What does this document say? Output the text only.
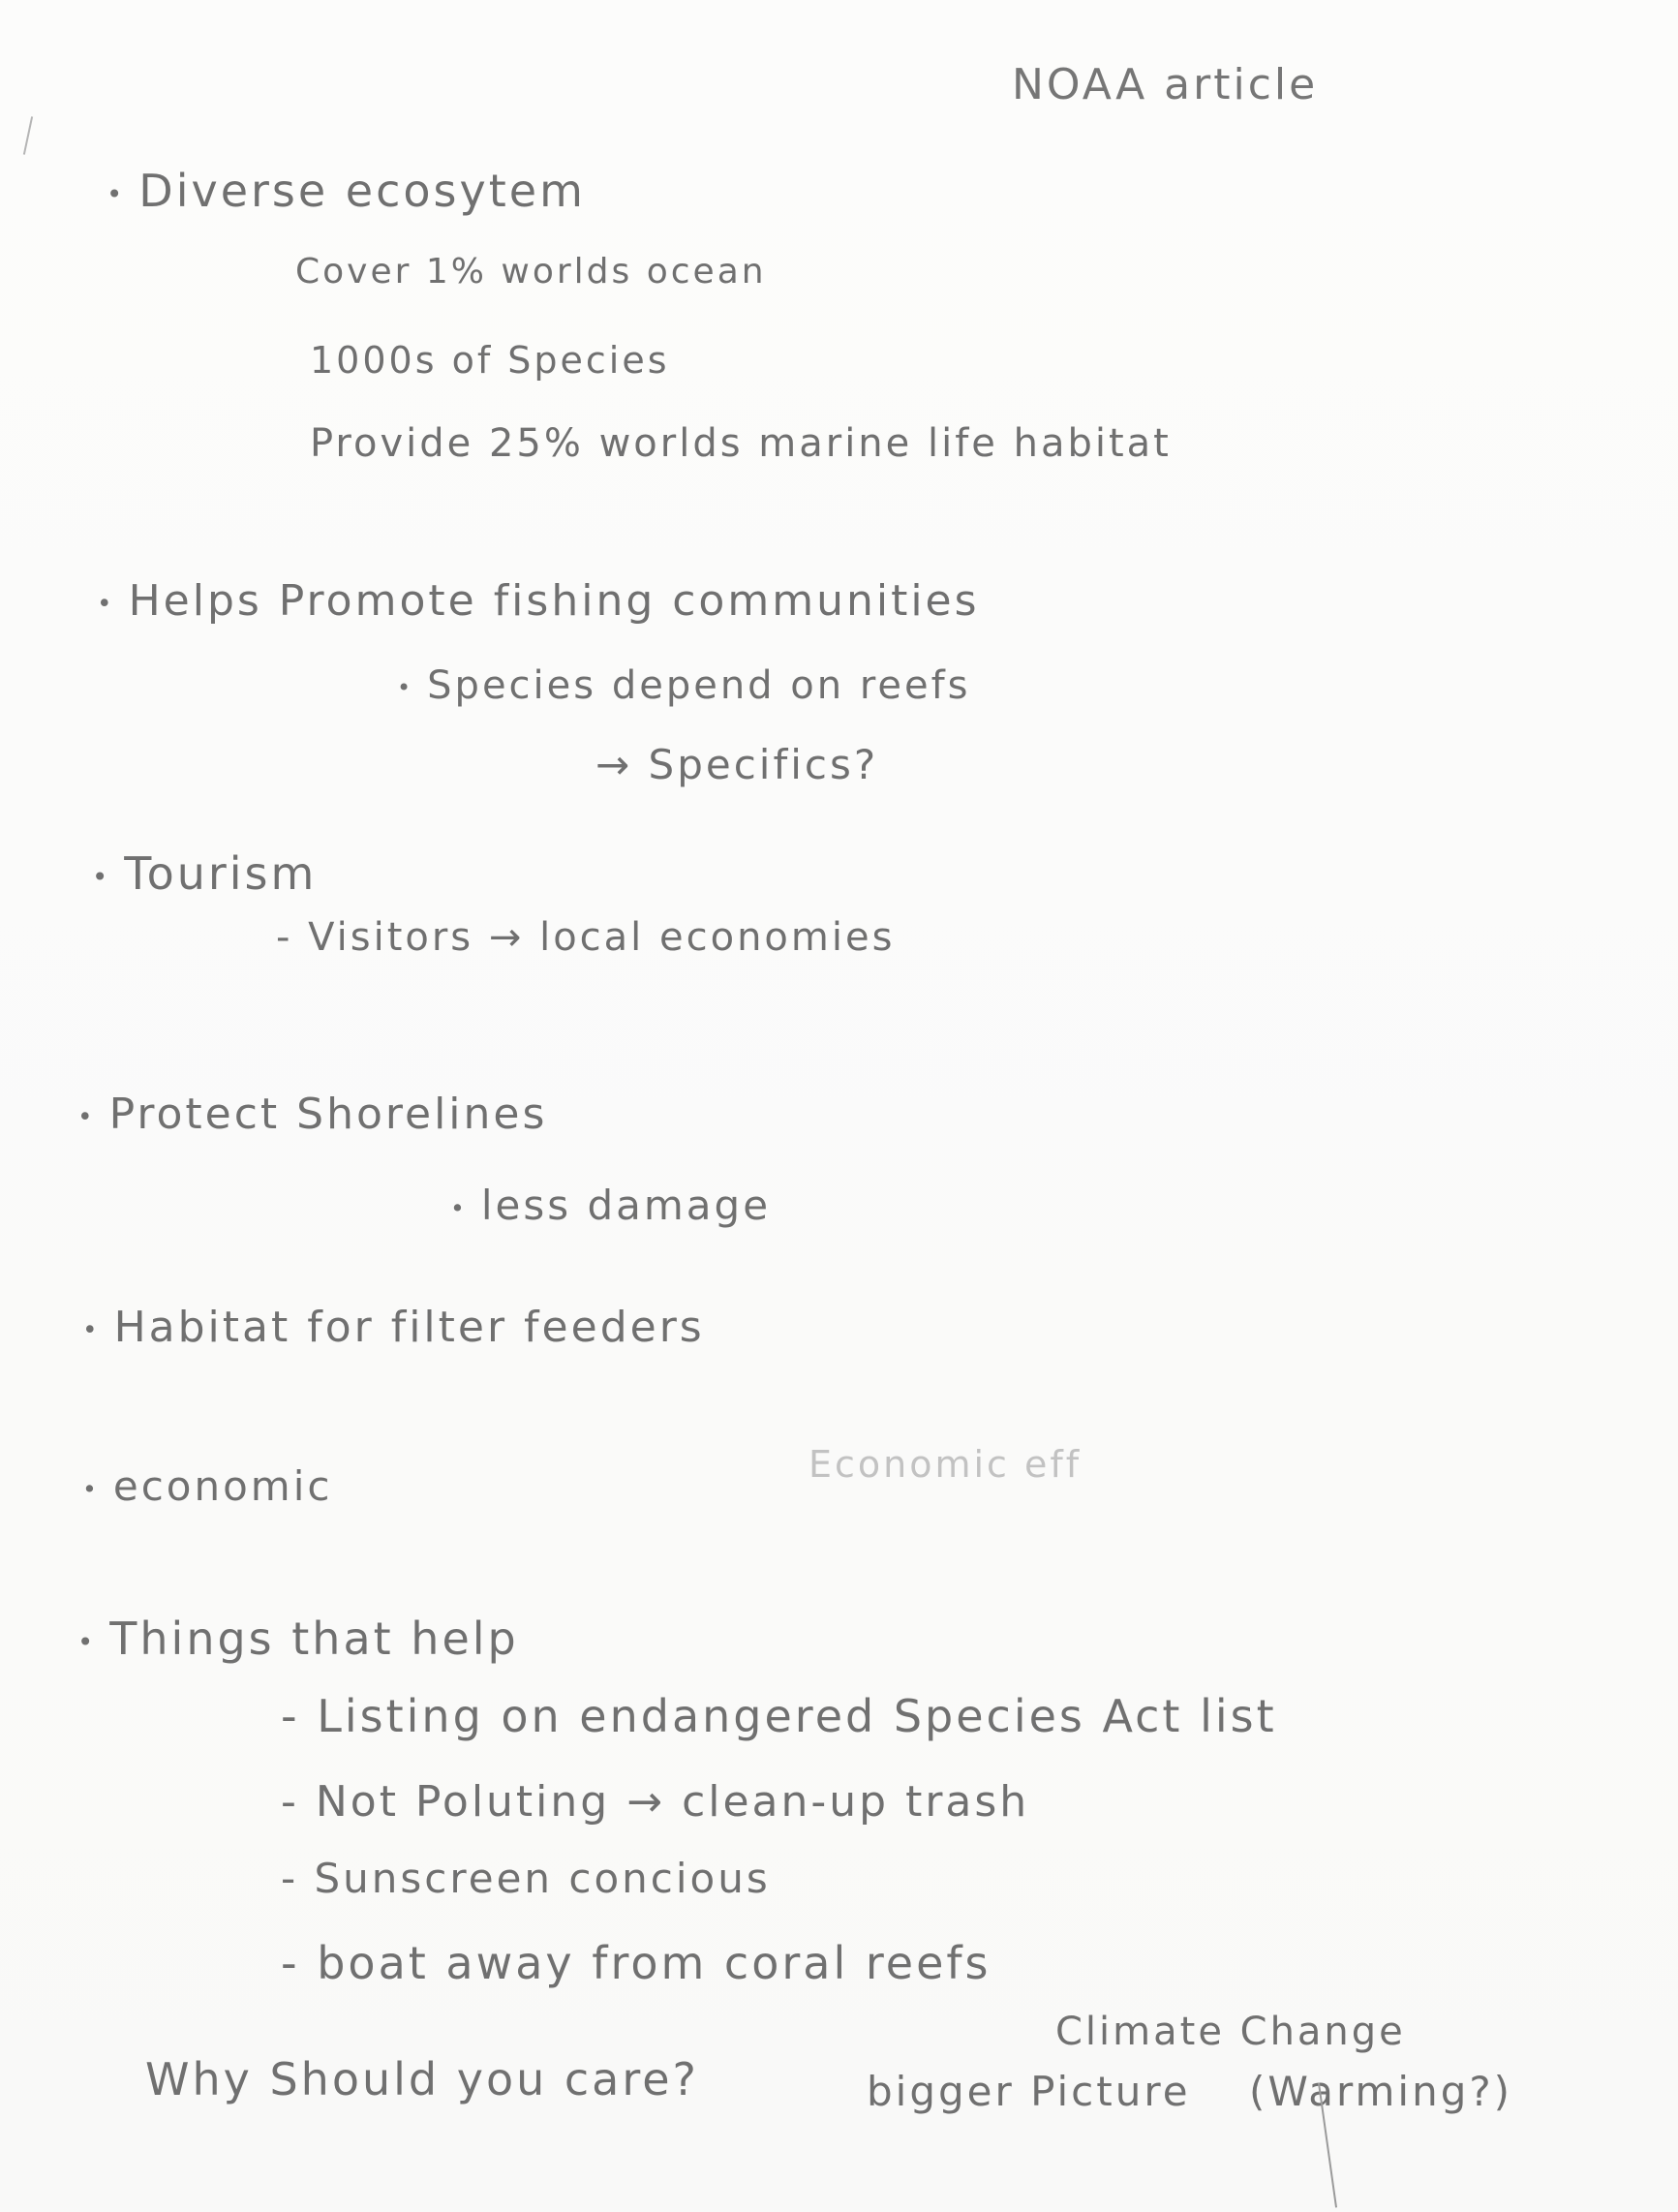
NOAA article
• Diverse ecosytem
Cover 1% worlds ocean
1000s of Species
Provide 25% worlds marine life habitat
• Helps Promote fishing communities
• Species depend on reefs
→ Specifics?
• Tourism
- Visitors → local economies
• Protect Shorelines
• less damage
• Habitat for filter feeders
• economic	Economic eff
• Things that help
- Listing on endangered Species Act list
- Not Poluting → clean-up trash
- Sunscreen concious
- boat away from coral reefs
Why Should you care?
Climate Change
bigger Picture (Warming?)
